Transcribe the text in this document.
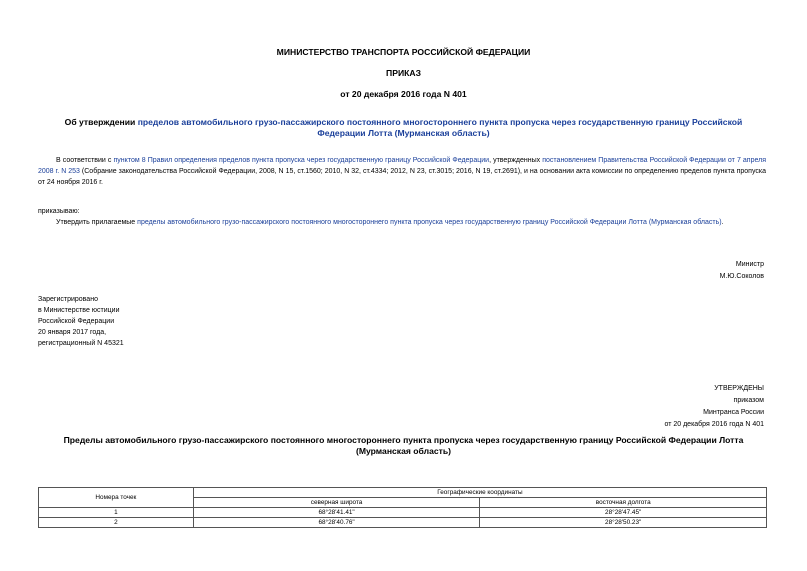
МИНИСТЕРСТВО ТРАНСПОРТА РОССИЙСКОЙ ФЕДЕРАЦИИ
ПРИКАЗ
от 20 декабря 2016 года N 401
Об утверждении пределов автомобильного грузо-пассажирского постоянного многостороннего пункта пропуска через государственную границу Российской Федерации Лотта (Мурманская область)
В соответствии с пунктом 8 Правил определения пределов пункта пропуска через государственную границу Российской Федерации, утвержденных постановлением Правительства Российской Федерации от 7 апреля 2008 г. N 253 (Собрание законодательства Российской Федерации, 2008, N 15, ст.1560; 2010, N 32, ст.4334; 2012, N 23, ст.3015; 2016, N 19, ст.2691), и на основании акта комиссии по определению пределов пункта пропуска от 24 ноября 2016 г.
приказываю:
Утвердить прилагаемые пределы автомобильного грузо-пассажирского постоянного многостороннего пункта пропуска через государственную границу Российской Федерации Лотта (Мурманская область).
Министр
М.Ю.Соколов
Зарегистрировано
в Министерстве юстиции
Российской Федерации
20 января 2017 года,
регистрационный N 45321
УТВЕРЖДЕНЫ
приказом
Минтранса России
от 20 декабря 2016 года N 401
Пределы автомобильного грузо-пассажирского постоянного многостороннего пункта пропуска через государственную границу Российской Федерации Лотта (Мурманская область)
Номера точек	Географические координаты	
	северная широта	восточная долгота
1	68°28'41.41"	28°28'47.45"
2	68°28'40.76"	28°28'50.23"
